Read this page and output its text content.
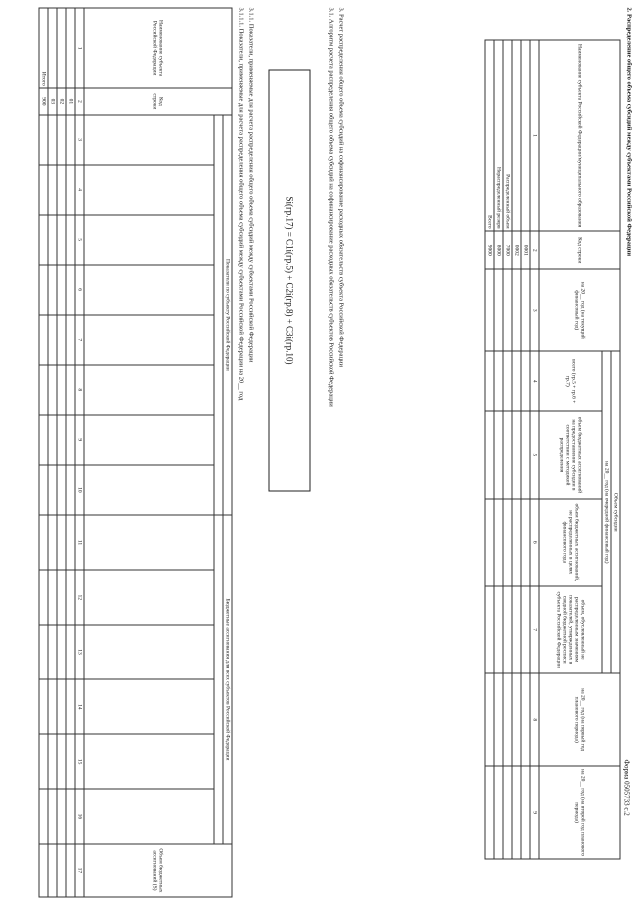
Форма 0505733 с.2
2. Распределение общего объема субсидий между субъектами Российской Федерации
Наименование субъекта Российской Федерации/муниципального образования	Код строки	на 20__ год (на текущий финансовый год)	Объем субсидии				на 20__ год (на первый год планового периода)	на 20__ год (на второй год планового периода)
			на 20__ год (на очередной финансовый год)					
			всего (гр.5 + гр.6 + гр.7)	объем бюджетных ассигнований на предоставление субсидии в соответствии с методикой распределения	объем бюджетных ассигнований, не распределенных в целях финансового года	объем, обусловленный не распределенным значениям показателей, утвержденных в сводной бюджетной росписи субъекта Российской Федерации		
1	2	3	4	5	6	7	8	9
	0001							
	0002							
Распределенный объем	7000							
Нераспределенный резерв	8000							
Всего	9000							
3. Расчет распределения общего объема субсидий на софинансирование расходных обязательств субъекта Российской Федерации
3.1. Алгоритм расчета распределения общего объема субсидий на софинансирование расходных обязательств субъектов Российской Федерации
Si(гр.17) = C1i(гр.5) + C2i(гр.8) + C3i(гр.10)
3.1.1. Показатели, применяемые для расчета распределения общего объема субсидий между субъектами Российской Федерации
3.1.1.1. Показатели, применяемые для расчета распределения общего объема субсидий между субъектами Российской Федерации на 20__ год
Наименование субъекта Российской Федерации	Код строки	Показатели по субъекту Российской Федерации								Бюджетные ассигнования для всех субъектов Российской Федерации						Объем бюджетных ассигнований (S)

1	2	3	4	5	6	7	8	9	10	11	12	13	14	15	16	17
	01															
	02															
	03															
Итого	900															
